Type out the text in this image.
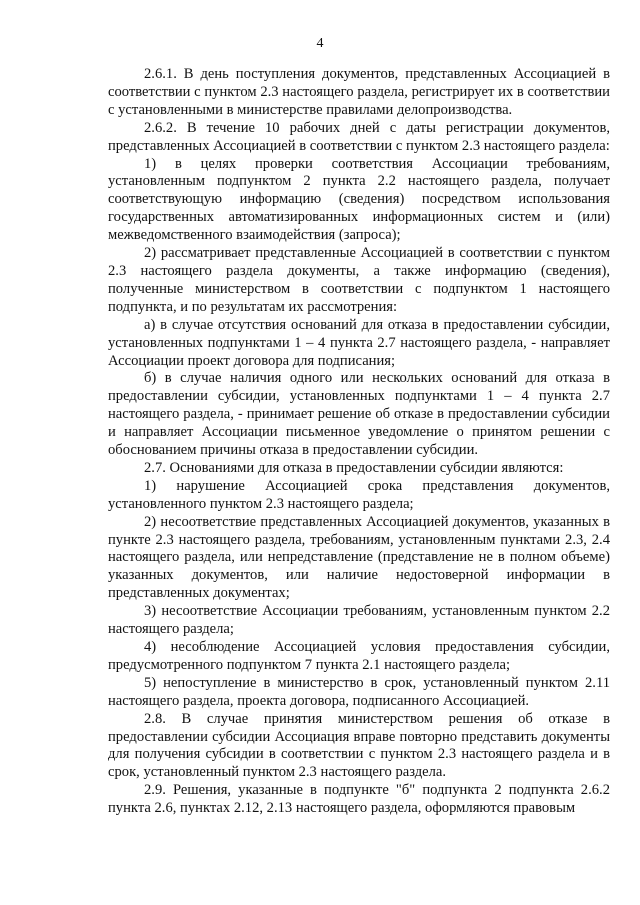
4

2.6.1. В день поступления документов, представленных Ассоциацией в соответствии с пунктом 2.3 настоящего раздела, регистрирует их в соответствии с установленными в министерстве правилами делопроизводства.

2.6.2. В течение 10 рабочих дней с даты регистрации документов, представленных Ассоциацией в соответствии с пунктом 2.3 настоящего раздела:

1) в целях проверки соответствия Ассоциации требованиям, установленным подпунктом 2 пункта 2.2 настоящего раздела, получает соответствующую информацию (сведения) посредством использования государственных автоматизированных информационных систем и (или) межведомственного взаимодействия (запроса);

2) рассматривает представленные Ассоциацией в соответствии с пунктом 2.3 настоящего раздела документы, а также информацию (сведения), полученные министерством в соответствии с подпунктом 1 настоящего подпункта, и по результатам их рассмотрения:

а) в случае отсутствия оснований для отказа в предоставлении субсидии, установленных подпунктами 1 – 4 пункта 2.7 настоящего раздела, - направляет Ассоциации проект договора для подписания;

б) в случае наличия одного или нескольких оснований для отказа в предоставлении субсидии, установленных подпунктами 1 – 4 пункта 2.7 настоящего раздела, - принимает решение об отказе в предоставлении субсидии и направляет Ассоциации письменное уведомление о принятом решении с обоснованием причины отказа в предоставлении субсидии.

2.7. Основаниями для отказа в предоставлении субсидии являются:

1) нарушение Ассоциацией срока представления документов, установленного пунктом 2.3 настоящего раздела;

2) несоответствие представленных Ассоциацией документов, указанных в пункте 2.3 настоящего раздела, требованиям, установленным пунктами 2.3, 2.4 настоящего раздела, или непредставление (представление не в полном объеме) указанных документов, или наличие недостоверной информации в представленных документах;

3) несоответствие Ассоциации требованиям, установленным пунктом 2.2 настоящего раздела;

4) несоблюдение Ассоциацией условия предоставления субсидии, предусмотренного подпунктом 7 пункта 2.1 настоящего раздела;

5) непоступление в министерство в срок, установленный пунктом 2.11 настоящего раздела, проекта договора, подписанного Ассоциацией.

2.8. В случае принятия министерством решения об отказе в предоставлении субсидии Ассоциация вправе повторно представить документы для получения субсидии в соответствии с пунктом 2.3 настоящего раздела и в срок, установленный пунктом 2.3 настоящего раздела.

2.9. Решения, указанные в подпункте "б" подпункта 2 подпункта 2.6.2 пункта 2.6, пунктах 2.12, 2.13 настоящего раздела, оформляются правовым
